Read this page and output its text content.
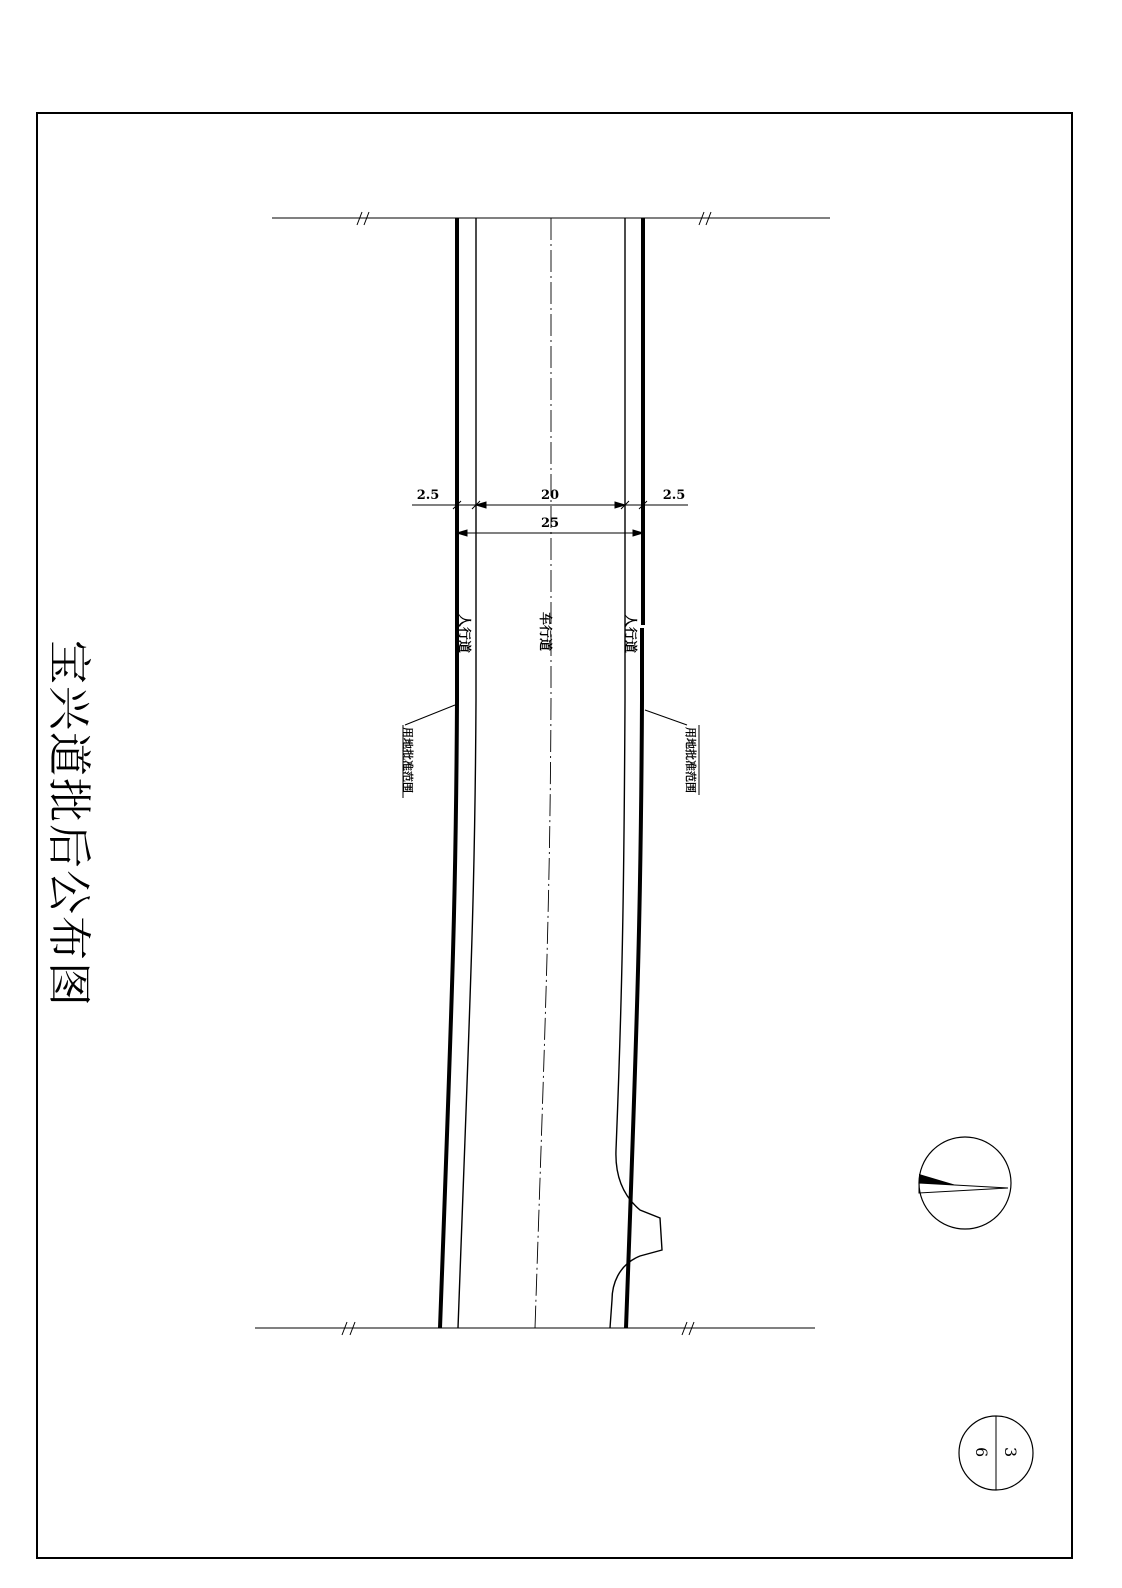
2.5	20	2.5
25
人行道	车行道	人行道
用地批准范围	用地批准范围
宝兴道批后公布图
3
6
